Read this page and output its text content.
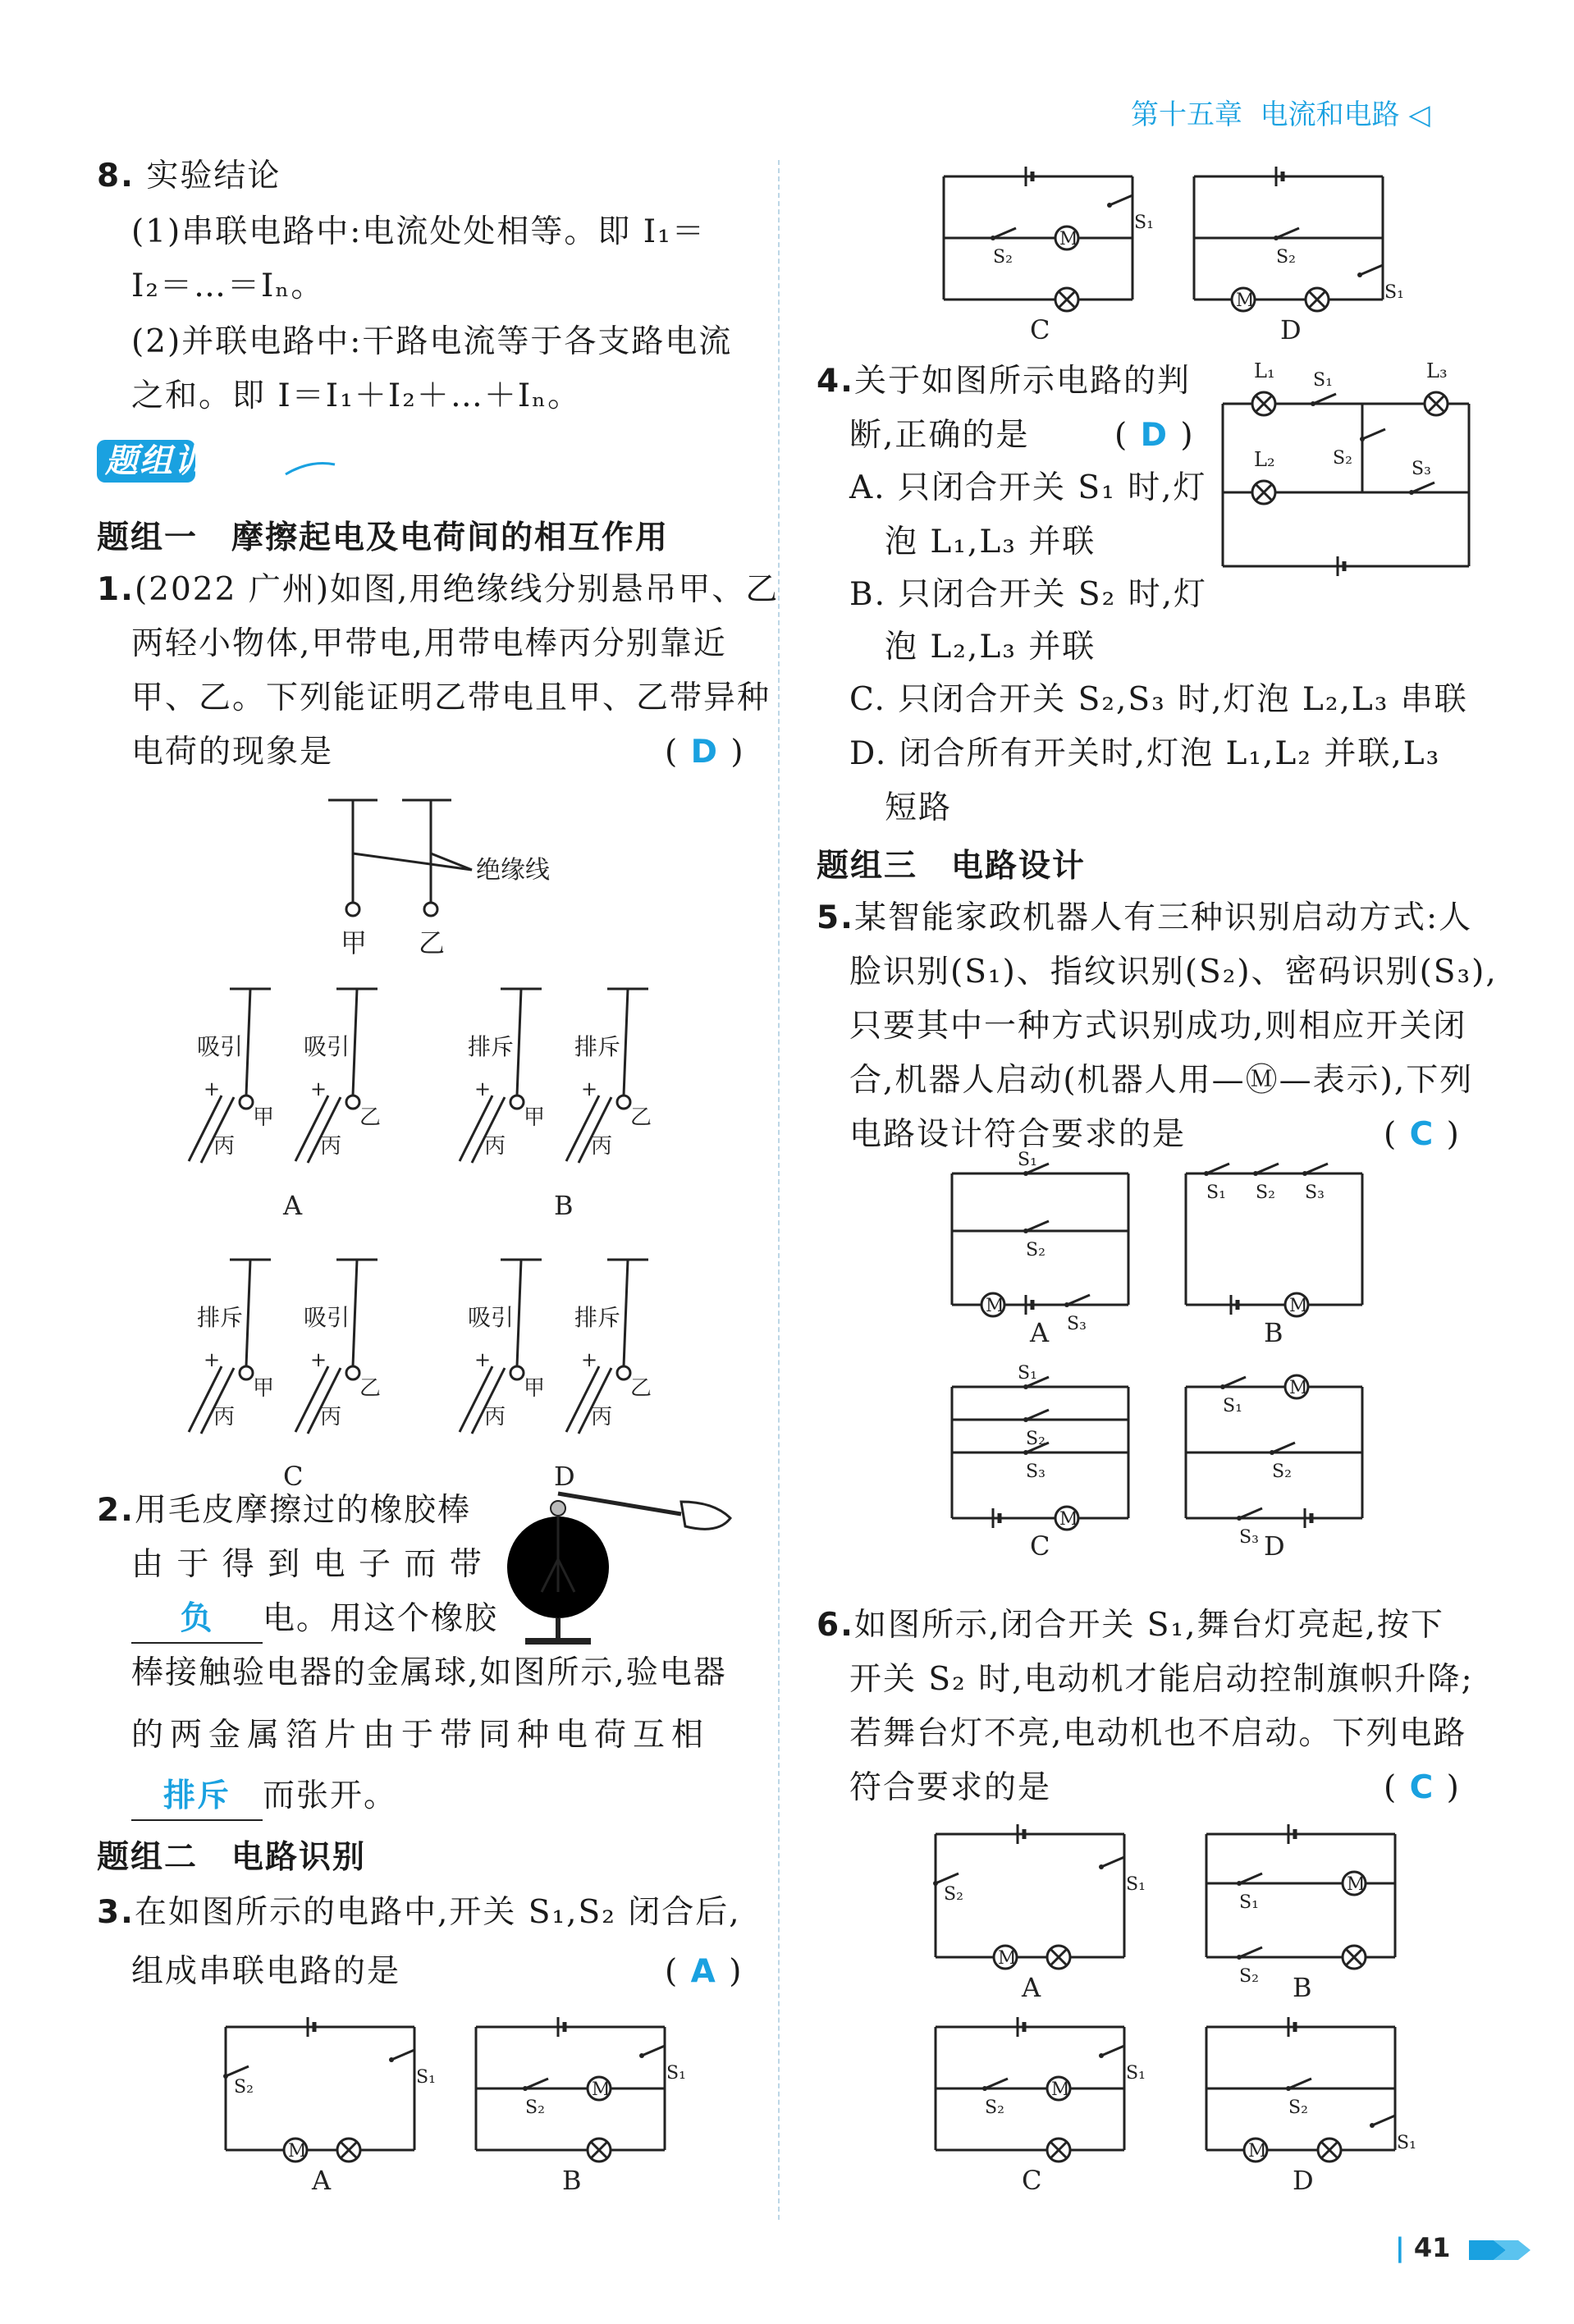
第十五章 电流和电路 ◁
8. 实验结论
(1)串联电路中:电流处处相等。即 I₁＝
I₂＝…＝Iₙ。
(2)并联电路中:干路电流等于各支路电流
之和。即 I＝I₁＋I₂＋…＋Iₙ。
题组训练
题组一　摩擦起电及电荷间的相互作用
1.(2022 广州)如图,用绝缘线分别悬吊甲、乙
两轻小物体,甲带电,用带电棒丙分别靠近
甲、乙。下列能证明乙带电且甲、乙带异种
电荷的现象是	( D )
绝缘线
甲 乙
吸引
+
甲
丙
吸引
+
乙
丙
A
排斥
+
甲
丙
排斥
+
乙
丙
B
排斥
+
甲
丙
吸引
+
乙
丙
C
吸引
+
甲
丙
排斥
+
乙
丙
D
2.用毛皮摩擦过的橡胶棒
由 于 得 到 电 子 而 带
负 电。用这个橡胶
棒接触验电器的金属球,如图所示,验电器
的两金属箔片由于带同种电荷互相
排斥 而张开。
题组二　电路识别
3.在如图所示的电路中,开关 S₁,S₂ 闭合后,
组成串联电路的是	( A )
S₂	S₁
M
A
S₂
M
S₁
B
S₂
M
S₁
C
S₂
S₁
M
D
4.关于如图所示电路的判
断,正确的是	( D )
A. 只闭合开关 S₁ 时,灯
泡 L₁,L₃ 并联
B. 只闭合开关 S₂ 时,灯
泡 L₂,L₃ 并联
C. 只闭合开关 S₂,S₃ 时,灯泡 L₂,L₃ 串联
D. 闭合所有开关时,灯泡 L₁,L₂ 并联,L₃
短路
L₁ S₁	L₃
S₂
L₂	S₃
题组三　电路设计
5.某智能家政机器人有三种识别启动方式:人
脸识别(S₁)、指纹识别(S₂)、密码识别(S₃),
只要其中一种方式识别成功,则相应开关闭
合,机器人启动(机器人用—Ⓜ—表示),下列
电路设计符合要求的是	( C )
S₁
S₂
M
S₃
A
S₁ S₂ S₃
M
B
S₁
S₂
S₃
M
C
S₁
M
S₂
S₃ D
6.如图所示,闭合开关 S₁,舞台灯亮起,按下
开关 S₂ 时,电动机才能启动控制旗帜升降;
若舞台灯不亮,电动机也不启动。下列电路
符合要求的是	( C )
S₂	S₁
M
A
S₁
M
S₂ B
S₂
M
S₁
C
S₂
S₁
M
D
| 41
